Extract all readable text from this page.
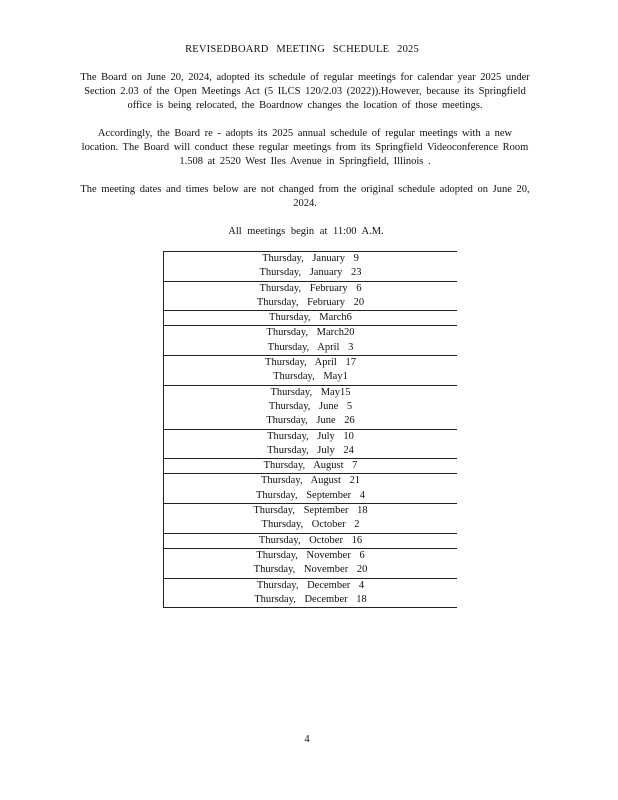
REVISEDBOARD MEETING SCHEDULE 2025

The Board on June 20, 2024, adopted its schedule of regular meetings for calendar year 2025 under Section 2.03 of the Open Meetings Act (5 ILCS 120/2.03 (2022)).However, because its Springfield office is being relocated, the Boardnow changes the location of those meetings.

Accordingly, the Board re - adopts its 2025 annual schedule of regular meetings with a new location. The Board will conduct these regular meetings from its Springfield Videoconference Room 1.508 at 2520 West Iles Avenue in Springfield, Illinois .

The meeting dates and times below are not changed from the original schedule adopted on June 20, 2024.

All meetings begin at 11:00 A.M.
Thursday, January 9
Thursday, January 23

Thursday, February 6
Thursday, February 20

Thursday, March6

Thursday, March20
Thursday, April 3

Thursday, April 17
Thursday, May1

Thursday, May15
Thursday, June 5
Thursday, June 26

Thursday, July 10
Thursday, July 24

Thursday, August 7

Thursday, August 21
Thursday, September 4

Thursday, September 18
Thursday, October 2

Thursday, October 16

Thursday, November 6
Thursday, November 20

Thursday, December 4
Thursday, December 18
4
